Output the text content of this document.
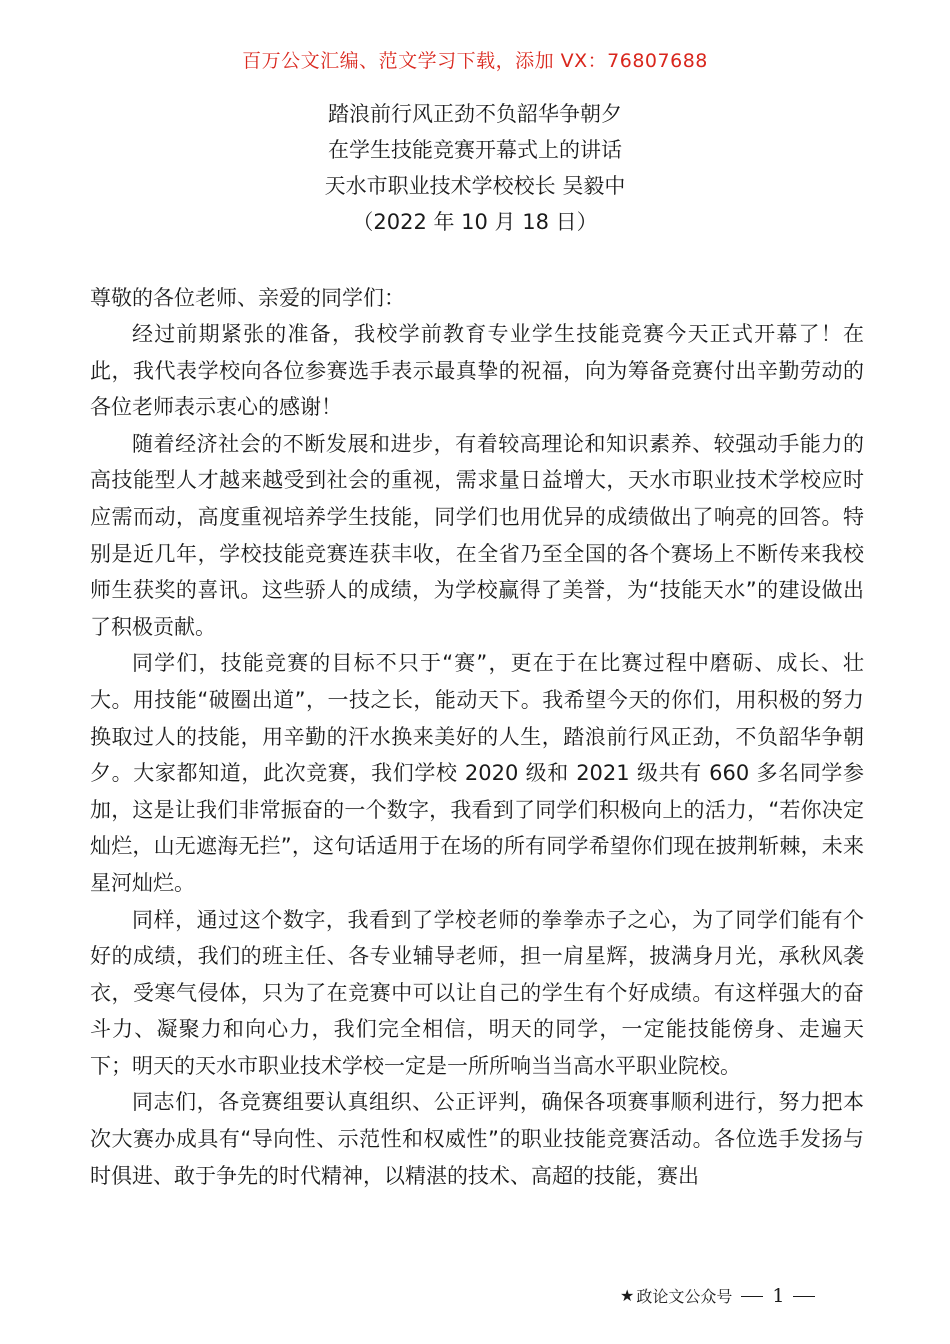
百万公文汇编、范文学习下载，添加 VX：76807688
踏浪前行风正劲不负韶华争朝夕
在学生技能竞赛开幕式上的讲话
天水市职业技术学校校长 吴毅中
（2022 年 10 月 18 日）
尊敬的各位老师、亲爱的同学们：

经过前期紧张的准备，我校学前教育专业学生技能竞赛今天正式开幕了！在此，我代表学校向各位参赛选手表示最真挚的祝福，向为筹备竞赛付出辛勤劳动的各位老师表示衷心的感谢！

随着经济社会的不断发展和进步，有着较高理论和知识素养、较强动手能力的高技能型人才越来越受到社会的重视，需求量日益增大，天水市职业技术学校应时应需而动，高度重视培养学生技能，同学们也用优异的成绩做出了响亮的回答。特别是近几年，学校技能竞赛连获丰收，在全省乃至全国的各个赛场上不断传来我校师生获奖的喜讯。这些骄人的成绩，为学校赢得了美誉，为“技能天水”的建设做出了积极贡献。

同学们，技能竞赛的目标不只于“赛”，更在于在比赛过程中磨砺、成长、壮大。用技能“破圈出道”，一技之长，能动天下。我希望今天的你们，用积极的努力换取过人的技能，用辛勤的汗水换来美好的人生，踏浪前行风正劲，不负韶华争朝夕。大家都知道，此次竞赛，我们学校 2020 级和 2021 级共有 660 多名同学参加，这是让我们非常振奋的一个数字，我看到了同学们积极向上的活力，“若你决定灿烂，山无遮海无拦”，这句话适用于在场的所有同学希望你们现在披荆斩棘，未来星河灿烂。

同样，通过这个数字，我看到了学校老师的拳拳赤子之心，为了同学们能有个好的成绩，我们的班主任、各专业辅导老师，担一肩星辉，披满身月光，承秋风袭衣，受寒气侵体，只为了在竞赛中可以让自己的学生有个好成绩。有这样强大的奋斗力、凝聚力和向心力，我们完全相信，明天的同学，一定能技能傍身、走遍天下；明天的天水市职业技术学校一定是一所所响当当高水平职业院校。

同志们，各竞赛组要认真组织、公正评判，确保各项赛事顺利进行，努力把本次大赛办成具有“导向性、示范性和权威性”的职业技能竞赛活动。各位选手发扬与时俱进、敢于争先的时代精神，以精湛的技术、高超的技能，赛出

★ 政论文公众号 1
